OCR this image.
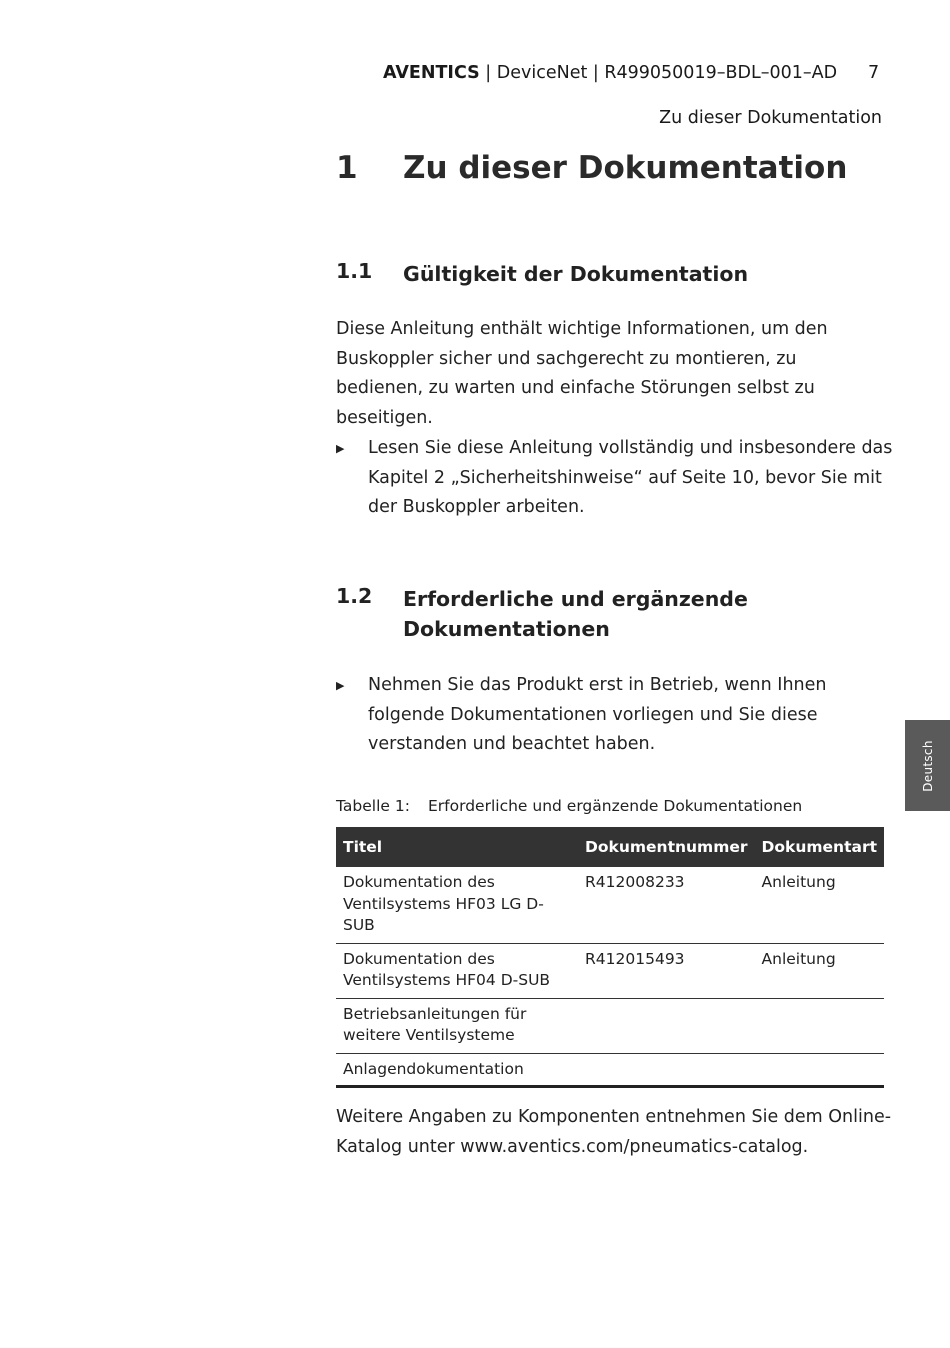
AVENTICS | DeviceNet | R499050019–BDL–001–AD 7
Zu dieser Dokumentation
1 Zu dieser Dokumentation
1.1 Gültigkeit der Dokumentation
Diese Anleitung enthält wichtige Informationen, um den Buskoppler sicher und sachgerecht zu montieren, zu bedienen, zu warten und einfache Störungen selbst zu beseitigen.
▶ Lesen Sie diese Anleitung vollständig und insbesondere das Kapitel 2 „Sicherheitshinweise“ auf Seite 10, bevor Sie mit der Buskoppler arbeiten.
1.2 Erforderliche und ergänzende
Dokumentationen
▶ Nehmen Sie das Produkt erst in Betrieb, wenn Ihnen folgende Dokumentationen vorliegen und Sie diese verstanden und beachtet haben.
Tabelle 1: Erforderliche und ergänzende Dokumentationen
Titel	Dokumentnummer	Dokumentart

Dokumentation des
Ventilsystems HF03 LG D-SUB	R412008233	Anleitung

Dokumentation des
Ventilsystems HF04 D-SUB	R412015493	Anleitung

Betriebsanleitungen für
weitere Ventilsysteme		

Anlagendokumentation		

Weitere Angaben zu Komponenten entnehmen Sie dem Online-Katalog unter www.aventics.com/pneumatics-catalog.
Deutsch
